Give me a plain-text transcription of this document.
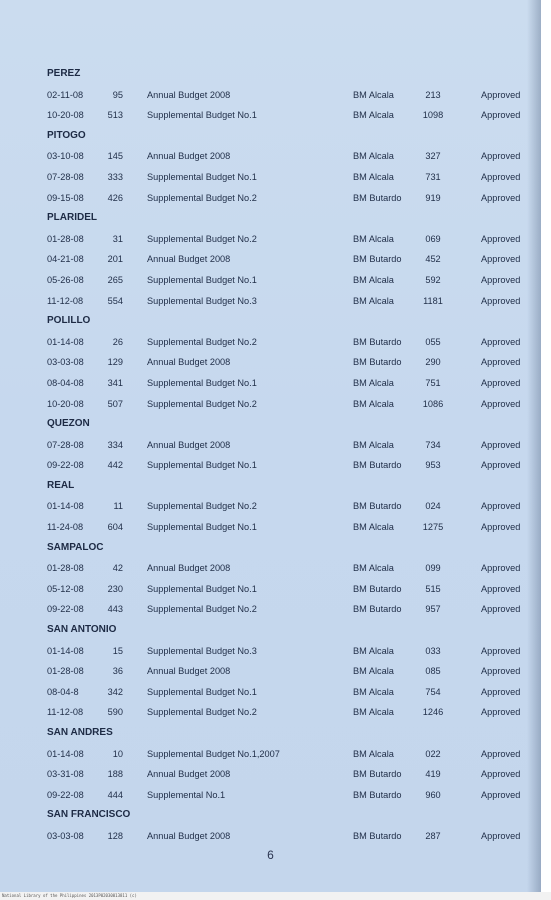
PEREZ
02-11-08	95	Annual Budget 2008	BM Alcala	213	Approved
10-20-08	513	Supplemental Budget No.1	BM Alcala	1098	Approved
PITOGO
03-10-08	145	Annual Budget 2008	BM Alcala	327	Approved
07-28-08	333	Supplemental Budget No.1	BM Alcala	731	Approved
09-15-08	426	Supplemental Budget No.2	BM Butardo	919	Approved
PLARIDEL
01-28-08	31	Supplemental Budget No.2	BM Alcala	069	Approved
04-21-08	201	Annual Budget 2008	BM Butardo	452	Approved
05-26-08	265	Supplemental Budget No.1	BM Alcala	592	Approved
11-12-08	554	Supplemental Budget No.3	BM Alcala	1181	Approved
POLILLO
01-14-08	26	Supplemental Budget No.2	BM Butardo	055	Approved
03-03-08	129	Annual Budget 2008	BM Butardo	290	Approved
08-04-08	341	Supplemental Budget No.1	BM Alcala	751	Approved
10-20-08	507	Supplemental Budget No.2	BM Alcala	1086	Approved
QUEZON
07-28-08	334	Annual Budget 2008	BM Alcala	734	Approved
09-22-08	442	Supplemental Budget No.1	BM Butardo	953	Approved
REAL
01-14-08	11	Supplemental Budget No.2	BM Butardo	024	Approved
11-24-08	604	Supplemental Budget No.1	BM Alcala	1275	Approved
SAMPALOC
01-28-08	42	Annual Budget 2008	BM Alcala	099	Approved
05-12-08	230	Supplemental Budget No.1	BM Butardo	515	Approved
09-22-08	443	Supplemental Budget No.2	BM Butardo	957	Approved
SAN ANTONIO
01-14-08	15	Supplemental Budget No.3	BM Alcala	033	Approved
01-28-08	36	Annual Budget 2008	BM Alcala	085	Approved
08-04-8	342	Supplemental Budget No.1	BM Alcala	754	Approved
11-12-08	590	Supplemental Budget No.2	BM Alcala	1246	Approved
SAN ANDRES
01-14-08	10	Supplemental Budget No.1,2007	BM Alcala	022	Approved
03-31-08	188	Annual Budget 2008	BM Butardo	419	Approved
09-22-08	444	Supplemental No.1	BM Butardo	960	Approved
SAN FRANCISCO
03-03-08	128	Annual Budget 2008	BM Butardo	287	Approved
6
National Library of the Philippines 2013P02030013811 (c)
